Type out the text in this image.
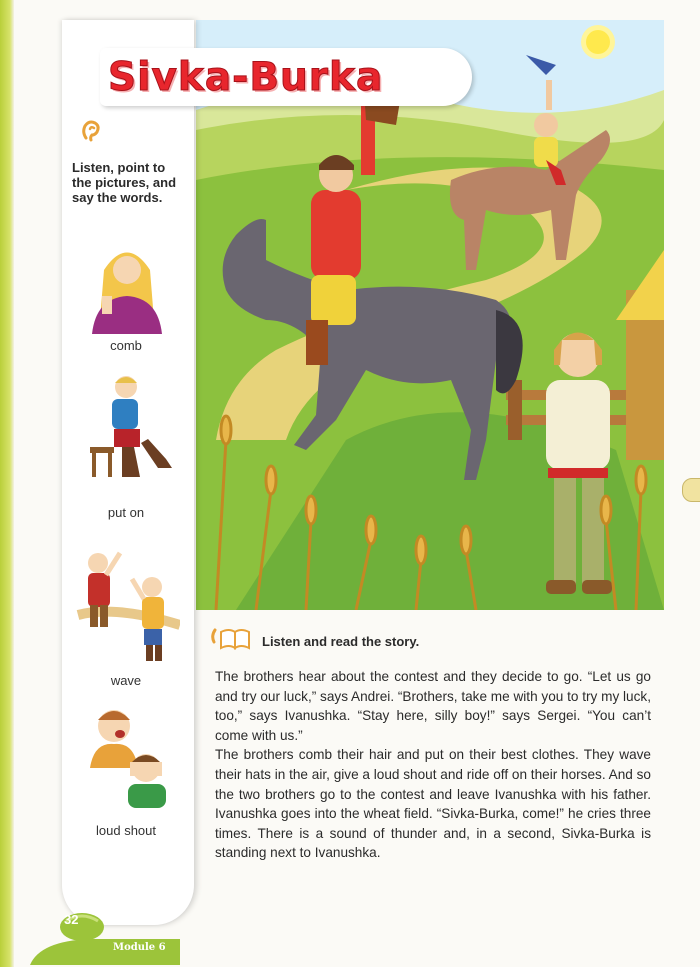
Sivka-Burka
Listen, point to the pictures, and say the words.
comb
put on
wave
loud shout
Listen and read the story.

The brothers hear about the contest and they decide to go. “Let us go and try our luck,” says Andrei. “Brothers, take me with you to try my luck, too,” says Ivanushka. “Stay here, silly boy!” says Sergei. “You can’t come with us.”

The brothers comb their hair and put on their best clothes. They wave their hats in the air, give a loud shout and ride off on their horses. And so the two brothers go to the contest and leave Ivanushka with his father. Ivanushka goes into the wheat field. “Sivka-Burka, come!” he cries three times. There is a sound of thunder and, in a second, Sivka-Burka is standing next to Ivanushka.

32
Module 6
